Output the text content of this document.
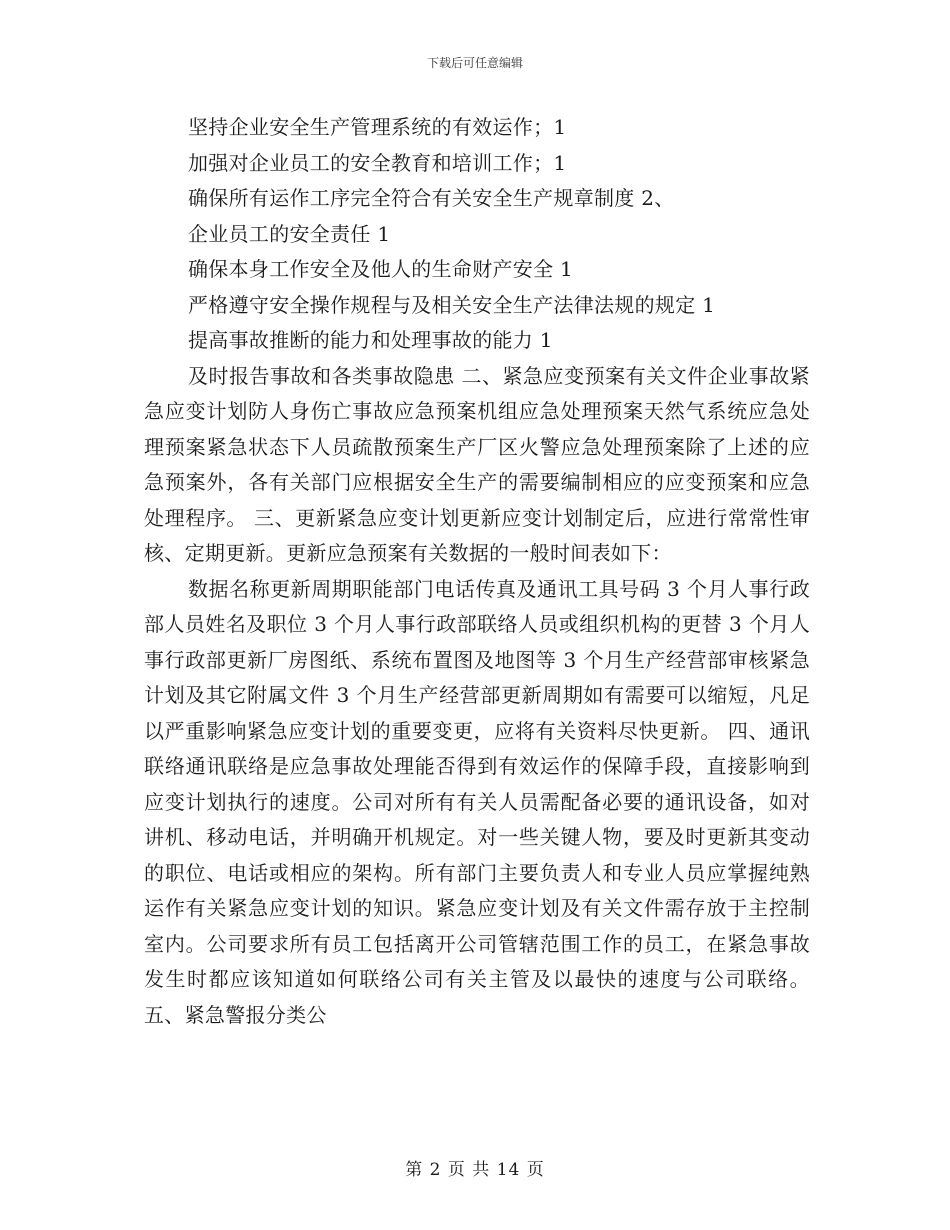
下载后可任意编辑
坚持企业安全生产管理系统的有效运作；1
加强对企业员工的安全教育和培训工作；1
确保所有运作工序完全符合有关安全生产规章制度 2、
企业员工的安全责任 1
确保本身工作安全及他人的生命财产安全 1
严格遵守安全操作规程与及相关安全生产法律法规的规定 1
提高事故推断的能力和处理事故的能力 1

及时报告事故和各类事故隐患 二、紧急应变预案有关文件企业事故紧急应变计划防人身伤亡事故应急预案机组应急处理预案天然气系统应急处理预案紧急状态下人员疏散预案生产厂区火警应急处理预案除了上述的应急预案外，各有关部门应根据安全生产的需要编制相应的应变预案和应急处理程序。 三、更新紧急应变计划更新应变计划制定后，应进行常常性审核、定期更新。更新应急预案有关数据的一般时间表如下：

数据名称更新周期职能部门电话传真及通讯工具号码 3 个月人事行政部人员姓名及职位 3 个月人事行政部联络人员或组织机构的更替 3 个月人事行政部更新厂房图纸、系统布置图及地图等 3 个月生产经营部审核紧急计划及其它附属文件 3 个月生产经营部更新周期如有需要可以缩短，凡足以严重影响紧急应变计划的重要变更，应将有关资料尽快更新。 四、通讯联络通讯联络是应急事故处理能否得到有效运作的保障手段，直接影响到应变计划执行的速度。公司对所有有关人员需配备必要的通讯设备，如对讲机、移动电话，并明确开机规定。对一些关键人物，要及时更新其变动的职位、电话或相应的架构。所有部门主要负责人和专业人员应掌握纯熟运作有关紧急应变计划的知识。紧急应变计划及有关文件需存放于主控制室内。公司要求所有员工包括离开公司管辖范围工作的员工，在紧急事故发生时都应该知道如何联络公司有关主管及以最快的速度与公司联络。 五、紧急警报分类公

第 2 页 共 14 页
